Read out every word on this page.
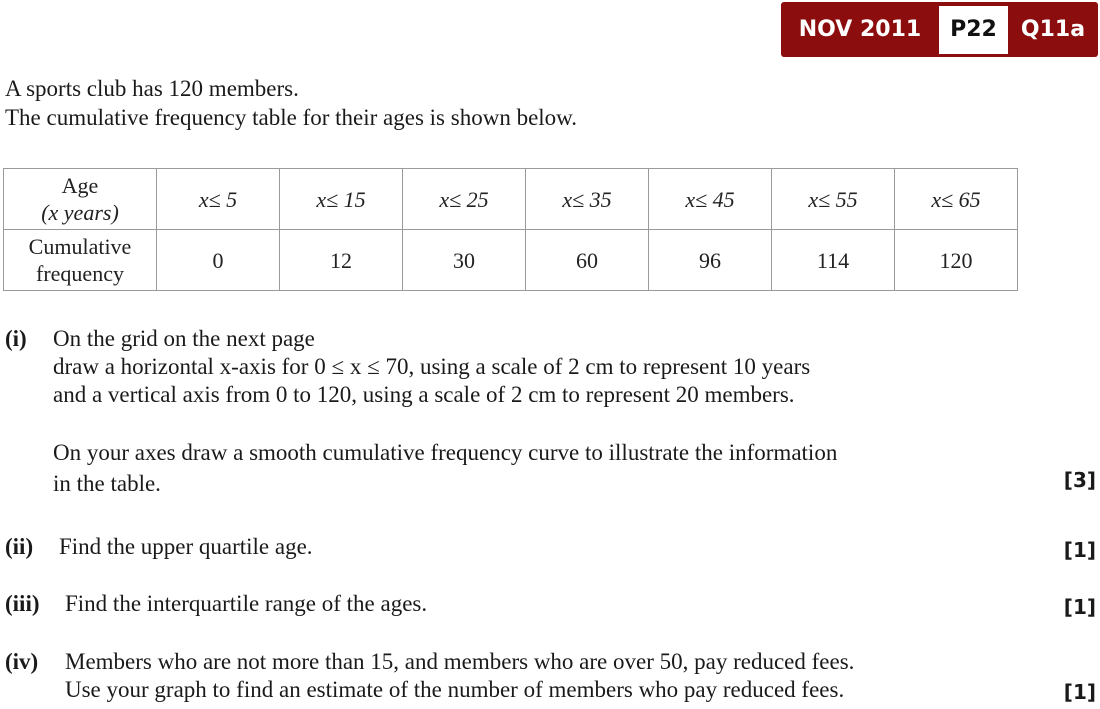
NOV 2011	P22	Q11a
A sports club has 120 members.
The cumulative frequency table for their ages is shown below.
Age
(x years)	x≤ 5	x≤ 15	x≤ 25	x≤ 35	x≤ 45	x≤ 55	x≤ 65

Cumulative
frequency	0	12	30	60	96	114	120
(i) On the grid on the next page
draw a horizontal x-axis for 0 ≤ x ≤ 70, using a scale of 2 cm to represent 10 years
and a vertical axis from 0 to 120, using a scale of 2 cm to represent 20 members.
On your axes draw a smooth cumulative frequency curve to illustrate the information
in the table.	[3]
(ii) Find the upper quartile age.	[1]
(iii) Find the interquartile range of the ages.	[1]
(iv) Members who are not more than 15, and members who are over 50, pay reduced fees.
Use your graph to find an estimate of the number of members who pay reduced fees.	[1]
